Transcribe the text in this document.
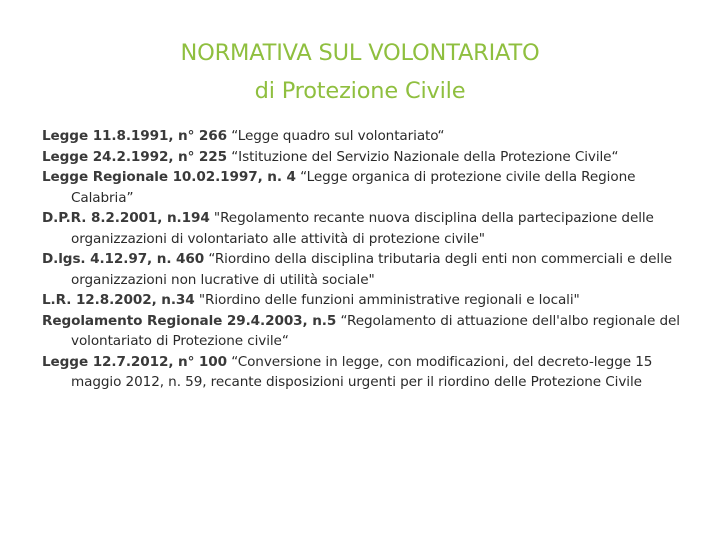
NORMATIVA SUL VOLONTARIATO
di Protezione Civile
Legge 11.8.1991, n° 266 “Legge quadro sul volontariato“
Legge 24.2.1992, n° 225 “Istituzione del Servizio Nazionale della Protezione Civile“
Legge Regionale 10.02.1997, n. 4 “Legge organica di protezione civile della Regione Calabria”
D.P.R. 8.2.2001, n.194 "Regolamento recante nuova disciplina della partecipazione delle organizzazioni di volontariato alle attività di protezione civile"
D.lgs. 4.12.97, n. 460 “Riordino della disciplina tributaria degli enti non commerciali e delle organizzazioni non lucrative di utilità sociale"
L.R. 12.8.2002, n.34 "Riordino delle funzioni amministrative regionali e locali"
Regolamento Regionale 29.4.2003, n.5 “Regolamento di attuazione dell'albo regionale del volontariato di Protezione civile“
Legge 12.7.2012, n° 100 “Conversione in legge, con modificazioni, del decreto-legge 15 maggio 2012, n. 59, recante disposizioni urgenti per il riordino delle Protezione Civile
